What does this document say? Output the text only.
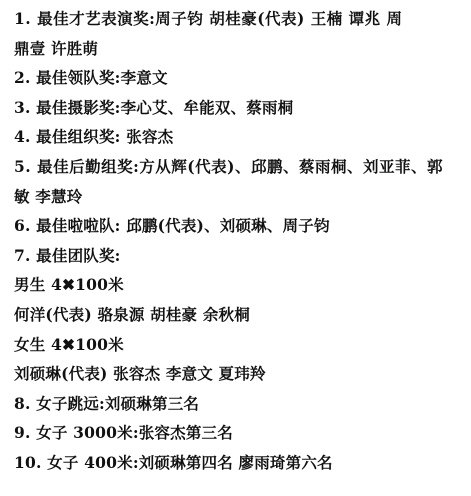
1. 最佳才艺表演奖:周子钧 胡桂豪(代表) 王楠 谭兆 周
鼎壹 许胜萌
2. 最佳领队奖:李意文
3. 最佳摄影奖:李心艾、牟能双、蔡雨桐
4. 最佳组织奖: 张容杰
5. 最佳后勤组奖:方从辉(代表)、邱鹏、蔡雨桐、刘亚菲、郭
敏 李慧玲
6. 最佳啦啦队: 邱鹏(代表)、刘硕琳、周子钧
7. 最佳团队奖:
男生 4✖100米
何洋(代表) 骆泉源 胡桂豪 余秋桐
女生 4✖100米
刘硕琳(代表) 张容杰 李意文 夏玮羚
8. 女子跳远:刘硕琳第三名
9. 女子 3000米:张容杰第三名
10. 女子 400米:刘硕琳第四名 廖雨琦第六名
